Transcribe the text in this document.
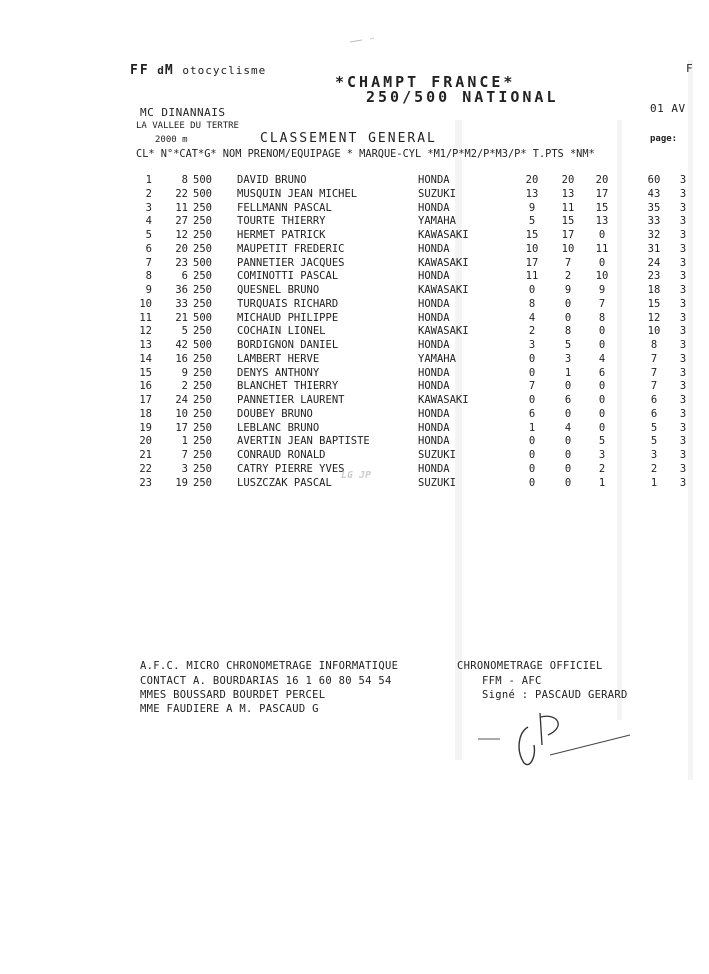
FF dM otocyclisme	F
*CHAMPT FRANCE*
250/500 NATIONAL
01 AV
MC DINANNAIS
LA VALLEE DU TERTRE
CLASSEMENT GENERAL
2000 m	page:
CL* N°*CAT*G* NOM PRENOM/EQUIPAGE * MARQUE-CYL *M1/P*M2/P*M3/P* T.PTS *NM*
1	8 500 DAVID BRUNO	HONDA	20	20	20	60	3
2	22 500 MUSQUIN JEAN MICHEL	SUZUKI	13	13	17	43	3
3	11 250 FELLMANN PASCAL	HONDA	9	11	15	35	3
4	27 250 TOURTE THIERRY	YAMAHA	5	15	13	33	3
5	12 250 HERMET PATRICK	KAWASAKI	15	17	0	32	3
6	20 250 MAUPETIT FREDERIC	HONDA	10	10	11	31	3
7	23 500 PANNETIER JACQUES	KAWASAKI	17	7	0	24	3
8	6 250 COMINOTTI PASCAL	HONDA	11	2	10	23	3
9	36 250 QUESNEL BRUNO	KAWASAKI	0	9	9	18	3
10	33 250 TURQUAIS RICHARD	HONDA	8	0	7	15	3
11	21 500 MICHAUD PHILIPPE	HONDA	4	0	8	12	3
12	5 250 COCHAIN LIONEL	KAWASAKI	2	8	0	10	3
13	42 500 BORDIGNON DANIEL	HONDA	3	5	0	8	3
14	16 250 LAMBERT HERVE	YAMAHA	0	3	4	7	3
15	9 250 DENYS ANTHONY	HONDA	0	1	6	7	3
16	2 250 BLANCHET THIERRY	HONDA	7	0	0	7	3
17	24 250 PANNETIER LAURENT	KAWASAKI	0	6	0	6	3
18	10 250 DOUBEY BRUNO	HONDA	6	0	0	6	3
19	17 250 LEBLANC BRUNO	HONDA	1	4	0	5	3
20	1 250 AVERTIN JEAN BAPTISTE	HONDA	0	0	5	5	3
21	7 250 CONRAUD RONALD	SUZUKI	0	0	3	3	3
22	3 250 CATRY PIERRE YVES	HONDA	0	0	2	2	3
23	19 250 LUSZCZAK PASCAL	SUZUKI	0	0	1	1	3
LG JP
A.F.C. MICRO CHRONOMETRAGE INFORMATIQUE
CONTACT A. BOURDARIAS 16 1 60 80 54 54
MMES BOUSSARD BOURDET PERCEL
MME FAUDIERE A M. PASCAUD G
CHRONOMETRAGE OFFICIEL
FFM - AFC
Signé : PASCAUD GERARD
